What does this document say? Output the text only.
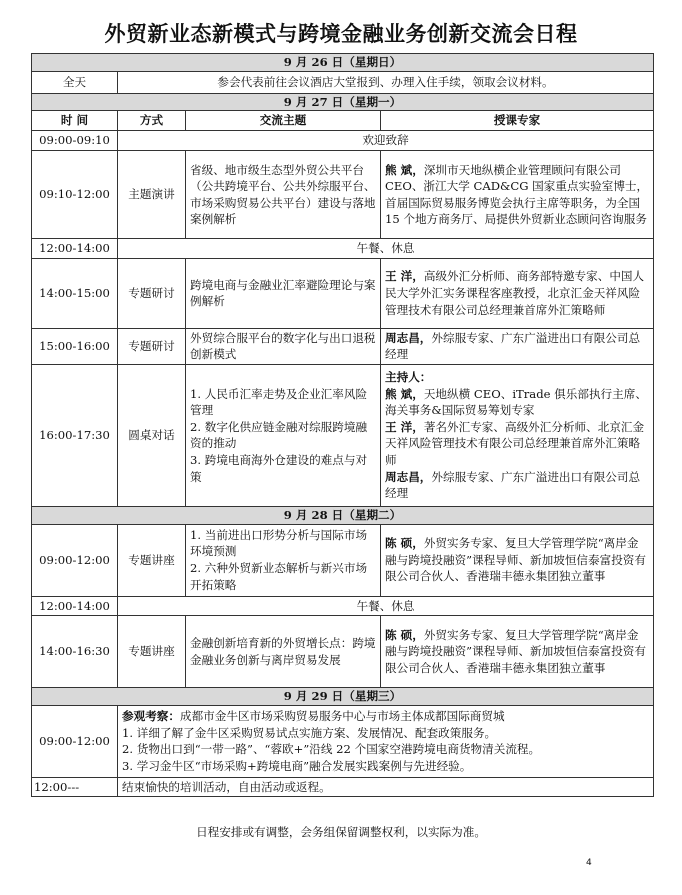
外贸新业态新模式与跨境金融业务创新交流会日程
9 月 26 日（星期日）			
全天	参会代表前往会议酒店大堂报到、办理入住手续，领取会议材料。		
9 月 27 日（星期一）			
时 间	方式	交流主题	授课专家
09:00-09:10	欢迎致辞		
09:10-12:00	主题演讲	省级、地市级生态型外贸公共平台（公共跨境平台、公共外综服平台、市场采购贸易公共平台）建设与落地案例解析	熊 斌，深圳市天地纵横企业管理顾问有限公司 CEO、浙江大学 CAD&CG 国家重点实验室博士，首届国际贸易服务博览会执行主席等职务，为全国 15 个地方商务厅、局提供外贸新业态顾问咨询服务
12:00-14:00	午餐、休息		
14:00-15:00	专题研讨	跨境电商与金融业汇率避险理论与案例解析	王 洋，高级外汇分析师、商务部特邀专家、中国人民大学外汇实务课程客座教授，北京汇金天祥风险管理技术有限公司总经理兼首席外汇策略师
15:00-16:00	专题研讨	外贸综合服平台的数字化与出口退税创新模式	周志昌，外综服专家、广东广溢进出口有限公司总经理
16:00-17:30	圆桌对话	1. 人民币汇率走势及企业汇率风险管理
2. 数字化供应链金融对综服跨境融资的推动
3. 跨境电商海外仓建设的难点与对策	主持人：
熊 斌，天地纵横 CEO、iTrade 俱乐部执行主席、海关事务&国际贸易筹划专家
王 洋，著名外汇专家、高级外汇分析师、北京汇金天祥风险管理技术有限公司总经理兼首席外汇策略师
周志昌，外综服专家、广东广溢进出口有限公司总经理

9 月 28 日（星期二）			
09:00-12:00	专题讲座	1. 当前进出口形势分析与国际市场环境预测
2. 六种外贸新业态解析与新兴市场开拓策略	陈 硕，外贸实务专家、复旦大学管理学院“离岸金融与跨境投融资”课程导师、新加坡恒信泰富投资有限公司合伙人、香港瑞丰德永集团独立董事
12:00-14:00	午餐、休息		
14:00-16:30	专题讲座	金融创新培育新的外贸增长点：跨境金融业务创新与离岸贸易发展	陈 硕，外贸实务专家、复旦大学管理学院“离岸金融与跨境投融资”课程导师、新加坡恒信泰富投资有限公司合伙人、香港瑞丰德永集团独立董事
9 月 29 日（星期三）			
09:00-12:00	参观考察：成都市金牛区市场采购贸易服务中心与市场主体成都国际商贸城
1. 详细了解了金牛区采购贸易试点实施方案、发展情况、配套政策服务。
2. 货物出口到“一带一路”、“蓉欧+”沿线 22 个国家空港跨境电商货物清关流程。
3. 学习金牛区“市场采购+跨境电商”融合发展实践案例与先进经验。		

12:00---	结束愉快的培训活动，自由活动或返程。		
日程安排或有调整，会务组保留调整权利，以实际为准。
4
